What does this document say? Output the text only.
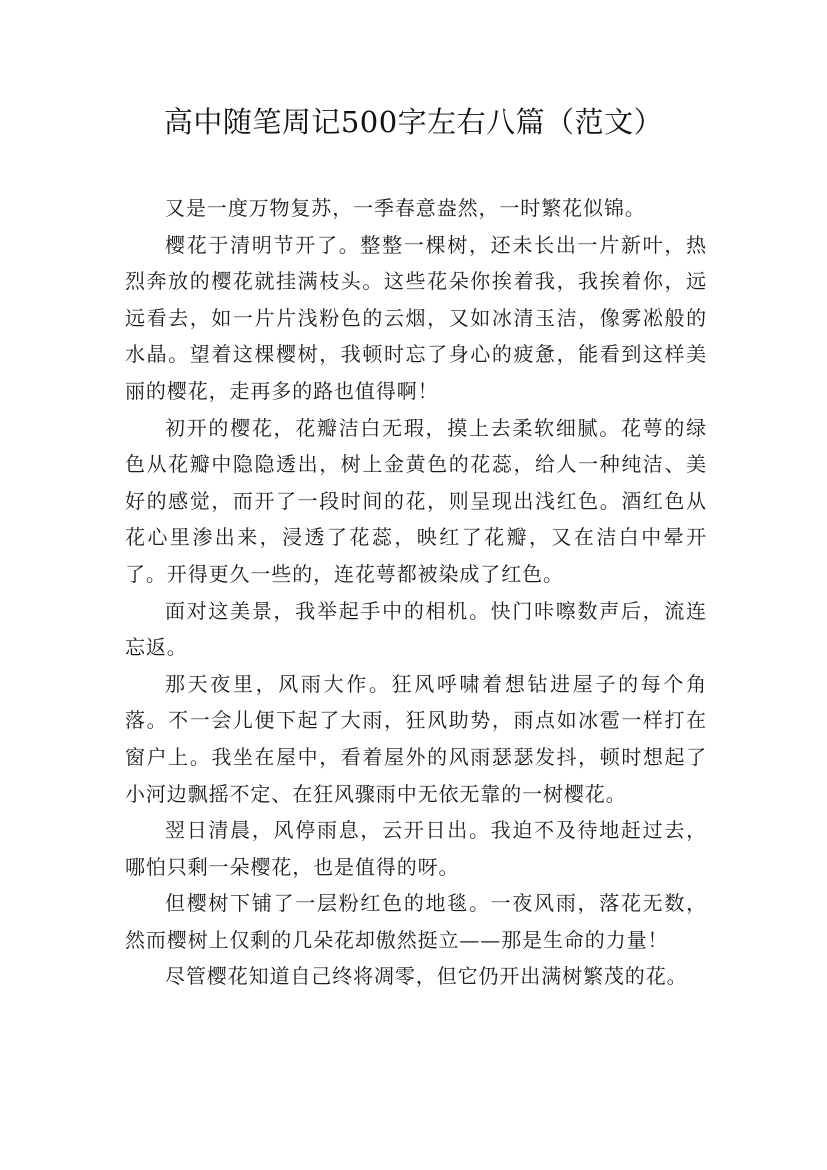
高中随笔周记500字左右八篇（范文）

又是一度万物复苏，一季春意盎然，一时繁花似锦。

樱花于清明节开了。整整一棵树，还未长出一片新叶，热烈奔放的樱花就挂满枝头。这些花朵你挨着我，我挨着你，远远看去，如一片片浅粉色的云烟，又如冰清玉洁，像雾凇般的水晶。望着这棵樱树，我顿时忘了身心的疲惫，能看到这样美丽的樱花，走再多的路也值得啊！

初开的樱花，花瓣洁白无瑕，摸上去柔软细腻。花萼的绿色从花瓣中隐隐透出，树上金黄色的花蕊，给人一种纯洁、美好的感觉，而开了一段时间的花，则呈现出浅红色。酒红色从花心里渗出来，浸透了花蕊，映红了花瓣，又在洁白中晕开了。开得更久一些的，连花萼都被染成了红色。

面对这美景，我举起手中的相机。快门咔嚓数声后，流连忘返。

那天夜里，风雨大作。狂风呼啸着想钻进屋子的每个角落。不一会儿便下起了大雨，狂风助势，雨点如冰雹一样打在窗户上。我坐在屋中，看着屋外的风雨瑟瑟发抖，顿时想起了小河边飘摇不定、在狂风骤雨中无依无靠的一树樱花。

翌日清晨，风停雨息，云开日出。我迫不及待地赶过去，哪怕只剩一朵樱花，也是值得的呀。

但樱树下铺了一层粉红色的地毯。一夜风雨，落花无数，然而樱树上仅剩的几朵花却傲然挺立——那是生命的力量！

尽管樱花知道自己终将凋零，但它仍开出满树繁茂的花。
